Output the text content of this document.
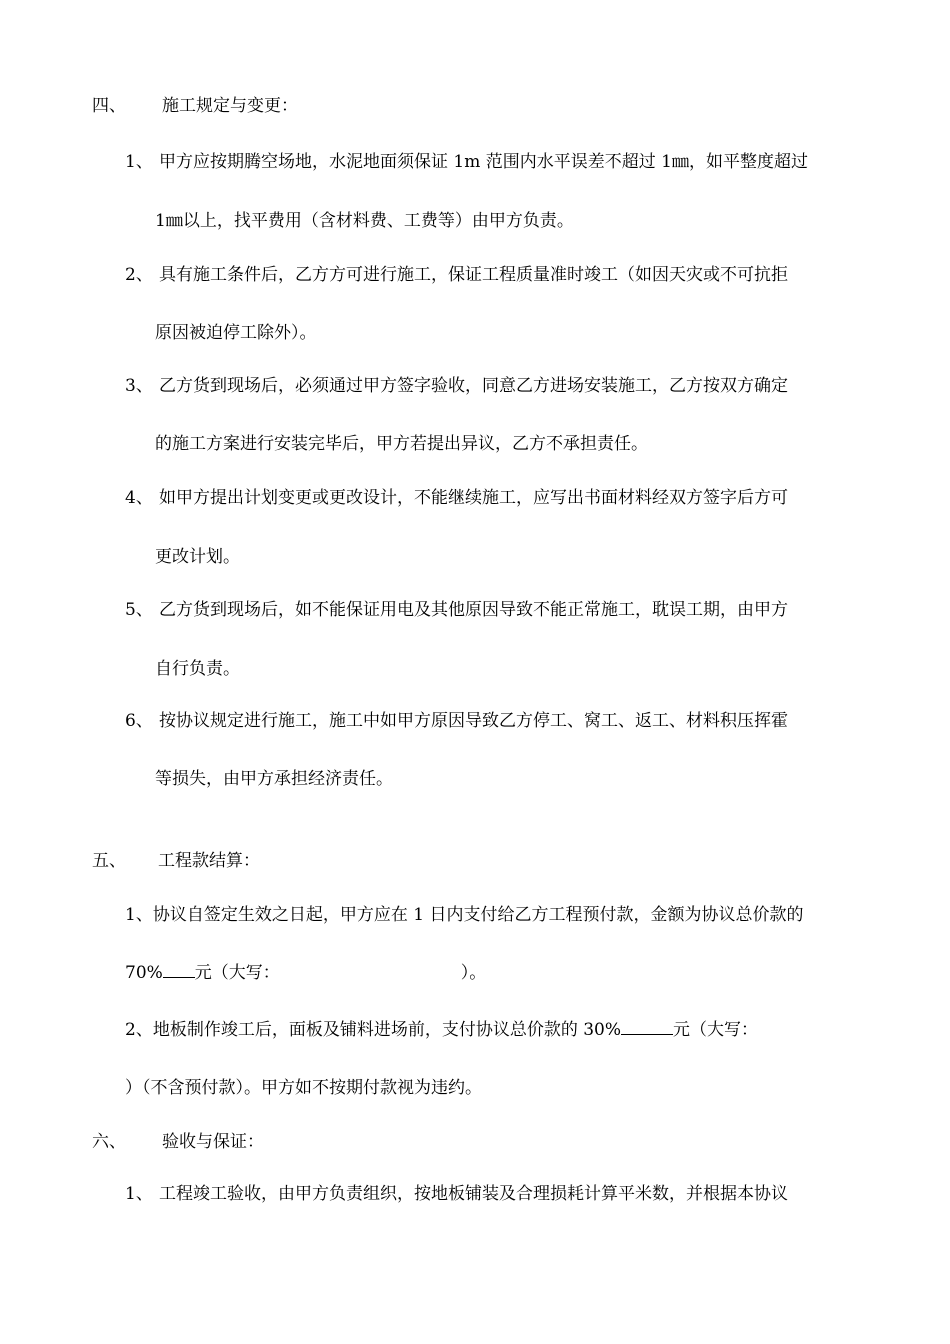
四、 施工规定与变更：
1、 甲方应按期腾空场地，水泥地面须保证 1m 范围内水平误差不超过 1㎜，如平整度超过
1㎜以上，找平费用（含材料费、工费等）由甲方负责。
2、 具有施工条件后，乙方方可进行施工，保证工程质量准时竣工（如因天灾或不可抗拒
原因被迫停工除外）。
3、 乙方货到现场后，必须通过甲方签字验收，同意乙方进场安装施工，乙方按双方确定
的施工方案进行安装完毕后，甲方若提出异议，乙方不承担责任。
4、 如甲方提出计划变更或更改设计，不能继续施工，应写出书面材料经双方签字后方可
更改计划。
5、 乙方货到现场后，如不能保证用电及其他原因导致不能正常施工，耽误工期，由甲方
自行负责。
6、 按协议规定进行施工，施工中如甲方原因导致乙方停工、窝工、返工、材料积压挥霍
等损失，由甲方承担经济责任。
五、 工程款结算：
1、协议自签定生效之日起，甲方应在 1 日内支付给乙方工程预付款，金额为协议总价款的
70% 元（大写：	）。
2、地板制作竣工后，面板及铺料进场前，支付协议总价款的 30%	元（大写：
）（不含预付款）。甲方如不按期付款视为违约。
六、 验收与保证：
1、 工程竣工验收，由甲方负责组织，按地板铺装及合理损耗计算平米数，并根据本协议
